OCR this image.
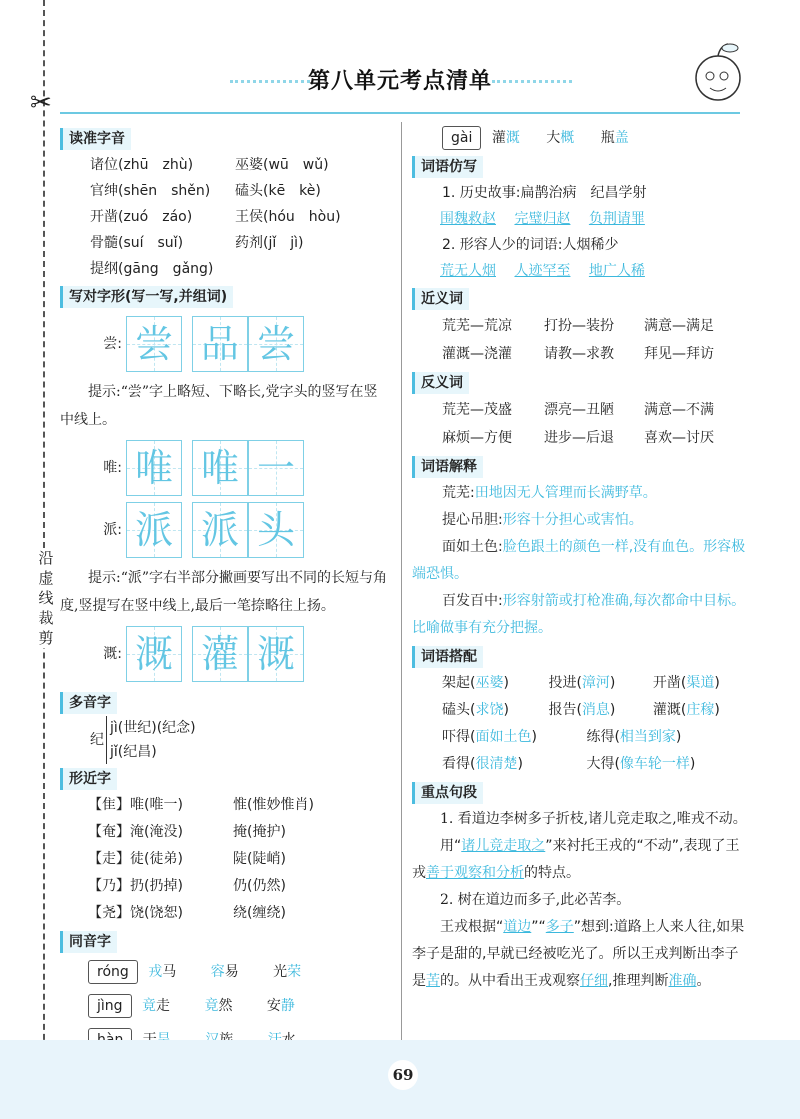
✂
沿虚线裁剪
第八单元考点清单
读准字音
诸位(zhū　zhù)	巫婆(wū　wǔ)
官绅(shēn　shěn) 磕头(kē　kè)
开凿(zuó　záo)	王侯(hóu　hòu)
骨髓(suí　suǐ)	药剂(jǐ　jì)
提纲(gāng　gǎng)
写对字形(写一写,并组词)
尝: 尝 品 尝
提示:“尝”字上略短、下略长,党字头的竖写在竖中线上。
唯: 唯 唯 一
派: 派 派 头
提示:“派”字右半部分撇画要写出不同的长短与角度,竖提写在竖中线上,最后一笔捺略往上扬。
溉: 溉 灌 溉
多音字
纪
jì(世纪)(纪念)
jǐ(纪昌)
形近字
【隹】唯(唯一)	惟(惟妙惟肖)
【奄】淹(淹没)	掩(掩护)
【走】徒(徒弟)	陡(陡峭)
【乃】扔(扔掉)	仍(仍然)
【尧】饶(饶恕)	绕(缠绕)
同音字
róng 戎马 容易 光荣
jìng 竟走 竟然 安静

gài 灌溉 大概 瓶盖
词语仿写
1. 历史故事:扁鹊治病　纪昌学射
围魏救赵 完璧归赵 负荆请罪
2. 形容人少的词语:人烟稀少
荒无人烟 人迹罕至 地广人稀
近义词
荒芜—荒凉 打扮—装扮 满意—满足
灌溉—浇灌 请教—求教 拜见—拜访
反义词
荒芜—茂盛 漂亮—丑陋 满意—不满
麻烦—方便 进步—后退 喜欢—讨厌
词语解释
荒芜:田地因无人管理而长满野草。
提心吊胆:形容十分担心或害怕。
面如土色:脸色跟土的颜色一样,没有血色。形容极端恐惧。
百发百中:形容射箭或打枪准确,每次都命中目标。比喻做事有充分把握。
词语搭配
架起(巫婆)	投进(漳河)	开凿(渠道)
磕头(求饶)	报告(消息)	灌溉(庄稼)
吓得(面如土色)	练得(相当到家)
看得(很清楚)	大得(像车轮一样)
重点句段
1. 看道边李树多子折枝,诸儿竞走取之,唯戎不动。
用“诸儿竞走取之”来衬托王戎的“不动”,表现了王戎善于观察和分析的特点。
2. 树在道边而多子,此必苦李。
王戎根据“道边”“多子”想到:道路上人来人往,如果李子是甜的,早就已经被吃光了。所以王戎判断出李子是苦的。从中看出王戎观察仔细,推理判断准确。
69
